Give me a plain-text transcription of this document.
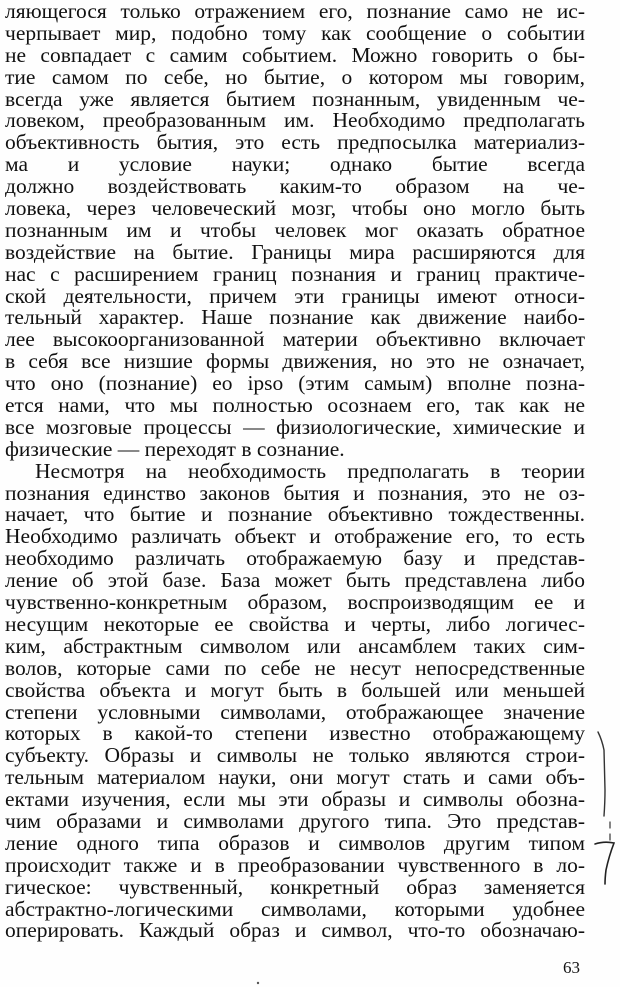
ляющегося только отражением его, познание само не ис-
черпывает мир, подобно тому как сообщение о событии
не совпадает с самим событием. Можно говорить о бы-
тие самом по себе, но бытие, о котором мы говорим,
всегда уже является бытием познанным, увиденным че-
ловеком, преобразованным им. Необходимо предполагать
объективность бытия, это есть предпосылка материализ-
ма и условие науки; однако бытие всегда
должно воздействовать каким-то образом на че-
ловека, через человеческий мозг, чтобы оно могло быть
познанным им и чтобы человек мог оказать обратное
воздействие на бытие. Границы мира расширяются для
нас с расширением границ познания и границ практиче-
ской деятельности, причем эти границы имеют относи-
тельный характер. Наше познание как движение наибо-
лее высокоорганизованной материи объективно включает
в себя все низшие формы движения, но это не означает,
что оно (познание) eo ipso (этим самым) вполне позна-
ется нами, что мы полностью осознаем его, так как не
все мозговые процессы — физиологические, химические и
физические — переходят в сознание.
Несмотря на необходимость предполагать в теории
познания единство законов бытия и познания, это не оз-
начает, что бытие и познание объективно тождественны.
Необходимо различать объект и отображение его, то есть
необходимо различать отображаемую базу и представ-
ление об этой базе. База может быть представлена либо
чувственно-конкретным образом, воспроизводящим ее и
несущим некоторые ее свойства и черты, либо логичес-
ким, абстрактным символом или ансамблем таких сим-
волов, которые сами по себе не несут непосредственные
свойства объекта и могут быть в большей или меньшей
степени условными символами, отображающее значение
которых в какой-то степени известно отображающему
субъекту. Образы и символы не только являются строи-
тельным материалом науки, они могут стать и сами объ-
ектами изучения, если мы эти образы и символы обозна-
чим образами и символами другого типа. Это представ-
ление одного типа образов и символов другим типом
происходит также и в преобразовании чувственного в ло-
гическое: чувственный, конкретный образ заменяется
абстрактно-логическими символами, которыми удобнее
оперировать. Каждый образ и символ, что-то обозначаю-
63
